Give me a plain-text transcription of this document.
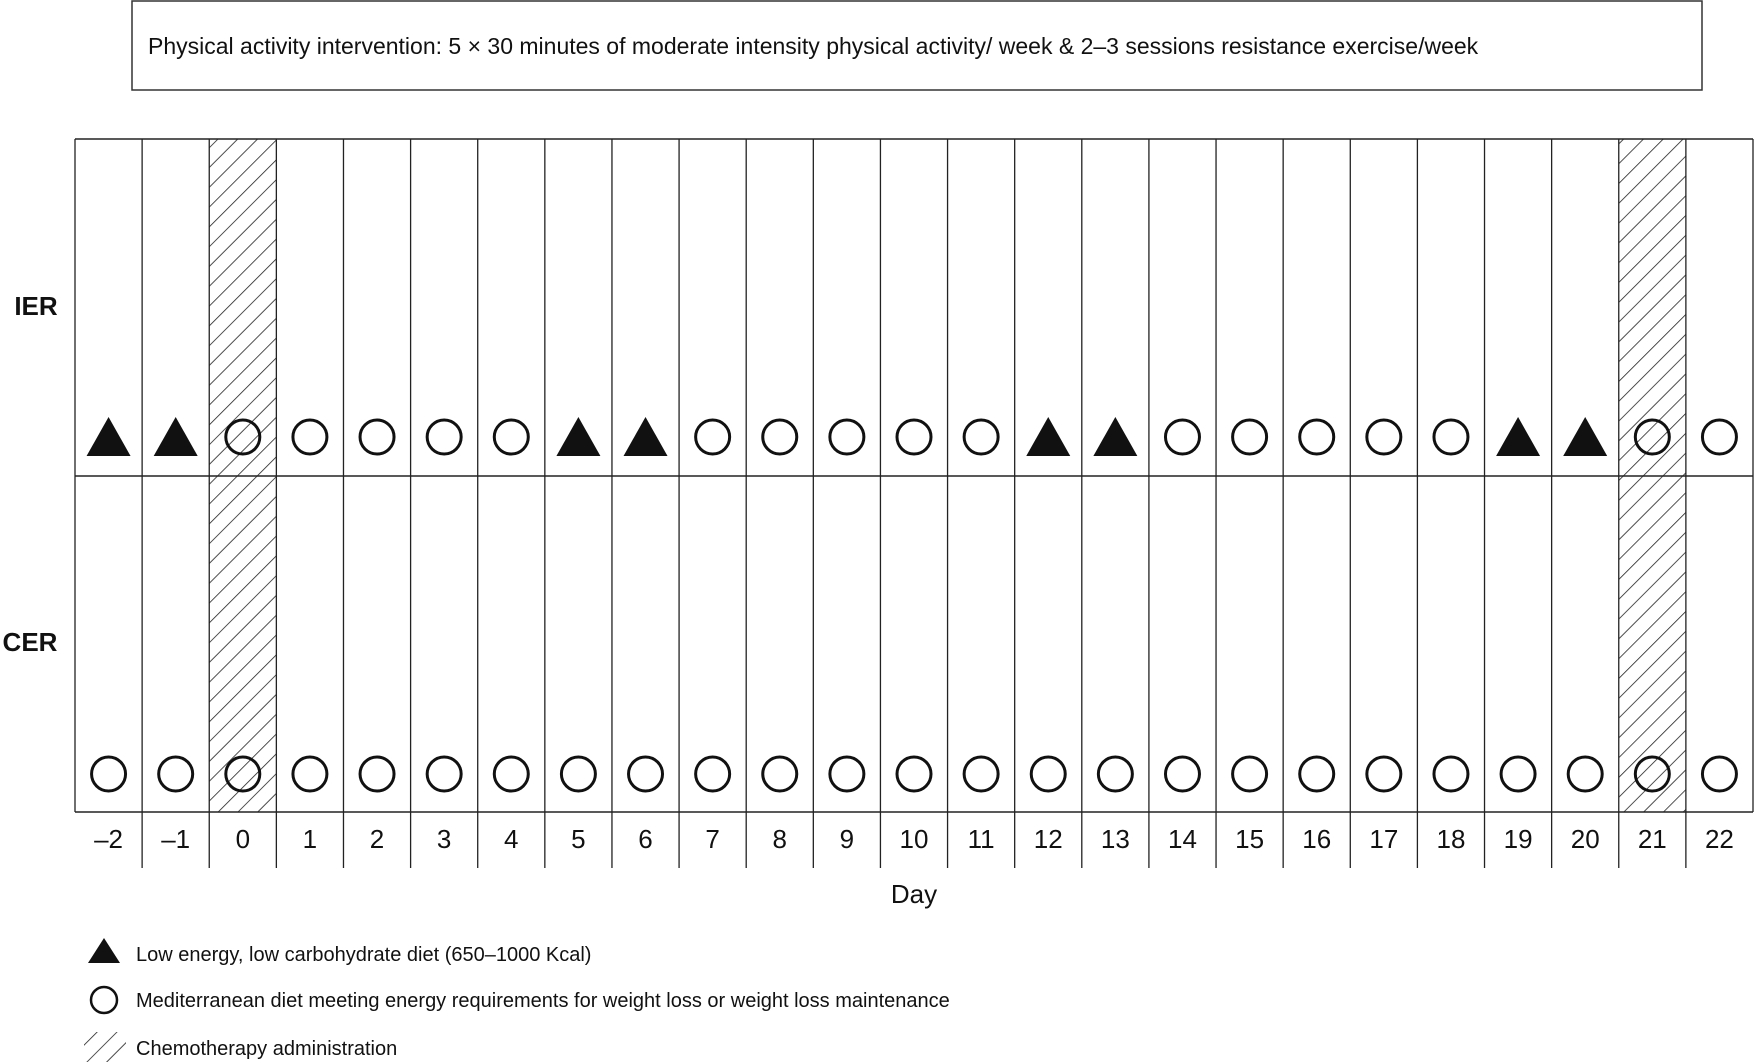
Physical activity intervention: 5 × 30 minutes of moderate intensity physical activity/ week & 2–3 sessions resistance exercise/week
IER
CER
–2 –1 0 1 2 3 4 5 6 7 8 9 10 11 12 13 14 15 16 17 18 19 20 21 22
Day
Low energy, low carbohydrate diet (650–1000 Kcal)
Mediterranean diet meeting energy requirements for weight loss or weight loss maintenance
Chemotherapy administration
